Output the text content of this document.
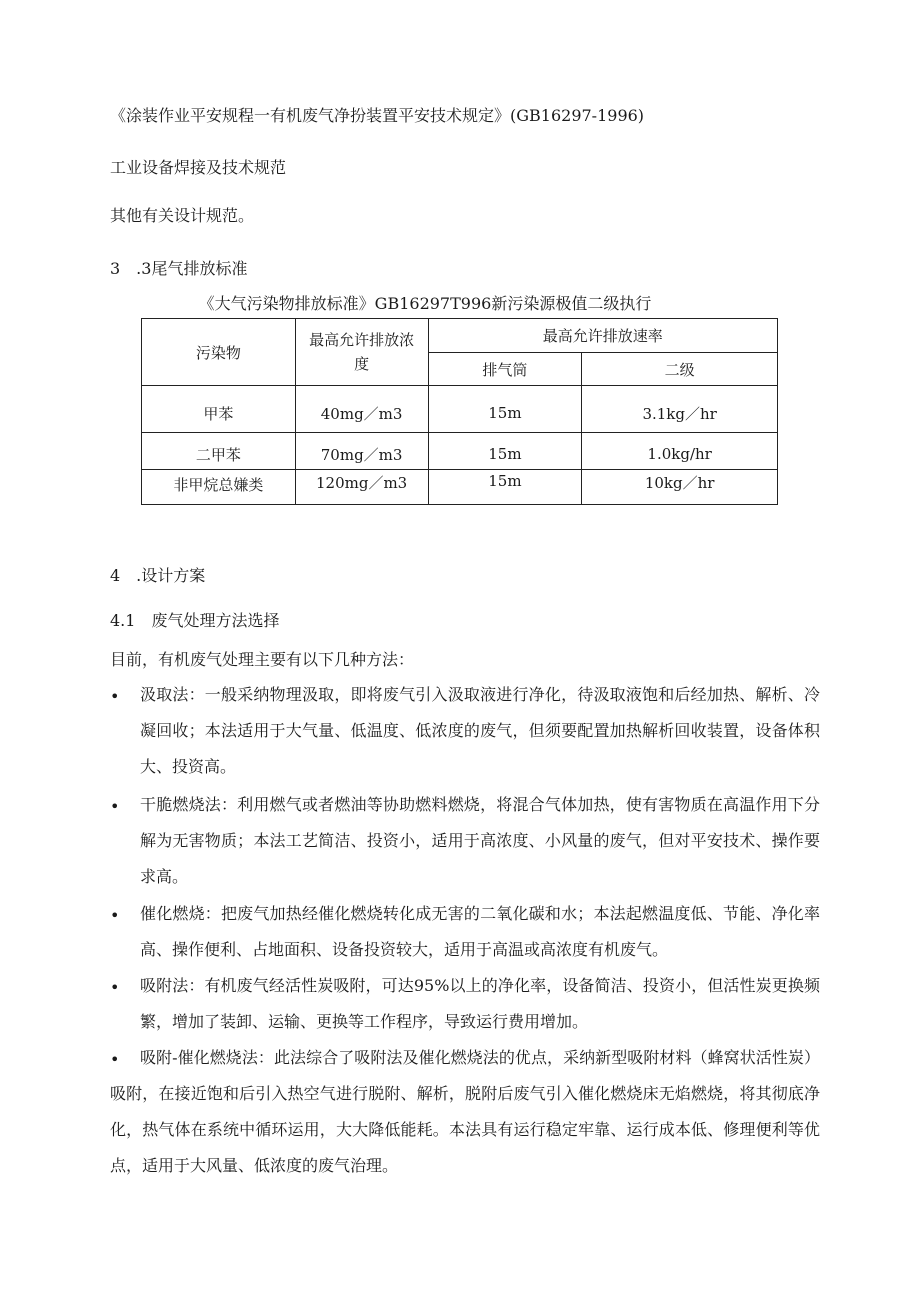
《涂装作业平安规程一有机废气净扮装置平安技术规定》(GB16297-1996)
工业设备焊接及技术规范
其他有关设计规范。
3　.3尾气排放标准
《大气污染物排放标准》GB16297T996新污染源极值二级执行
污染物	最高允许排放浓度	最高允许排放速率	
		排气筒	二级
甲苯	40mg／m3	15m	3.1kg／hr
二甲苯	70mg／m3	15m	1.0kg/hr
非甲烷总嫌类	120mg／m3	15m	10kg／hr
4　.设计方案
4.1　废气处理方法选择
目前，有机废气处理主要有以下几种方法：
• 汲取法：一般采纳物理汲取，即将废气引入汲取液进行净化，待汲取液饱和后经加热、解析、冷凝回收；本法适用于大气量、低温度、低浓度的废气，但须要配置加热解析回收装置，设备体积大、投资高。
• 干脆燃烧法：利用燃气或者燃油等协助燃料燃烧，将混合气体加热，使有害物质在高温作用下分解为无害物质；本法工艺简洁、投资小，适用于高浓度、小风量的废气，但对平安技术、操作要求高。
• 催化燃烧：把废气加热经催化燃烧转化成无害的二氧化碳和水；本法起燃温度低、节能、净化率高、操作便利、占地面积、设备投资较大，适用于高温或高浓度有机废气。
• 吸附法：有机废气经活性炭吸附，可达95%以上的净化率，设备简洁、投资小，但活性炭更换频繁，增加了装卸、运输、更换等工作程序，导致运行费用增加。
•	吸附-催化燃烧法：此法综合了吸附法及催化燃烧法的优点，采纳新型吸附材料（蜂窝状活性炭）吸附，在接近饱和后引入热空气进行脱附、解析，脱附后废气引入催化燃烧床无焰燃烧，将其彻底净化，热气体在系统中循环运用，大大降低能耗。本法具有运行稳定牢靠、运行成本低、修理便利等优点，适用于大风量、低浓度的废气治理。
